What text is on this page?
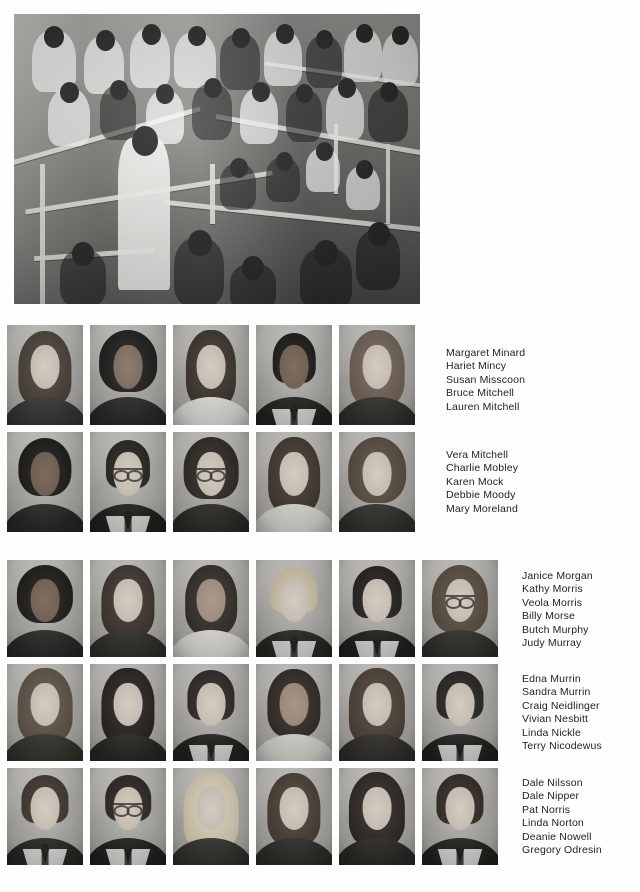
Margaret Minard
Hariet Mincy
Susan Misscoon
Bruce Mitchell
Lauren Mitchell
Vera Mitchell
Charlie Mobley
Karen Mock
Debbie Moody
Mary Moreland
Janice Morgan
Kathy Morris
Veola Morris
Billy Morse
Butch Murphy
Judy Murray
Edna Murrin
Sandra Murrin
Craig Neidlinger
Vivian Nesbitt
Linda Nickle
Terry Nicodewus
Dale Nilsson
Dale Nipper
Pat Norris
Linda Norton
Deanie Nowell
Gregory Odresin
